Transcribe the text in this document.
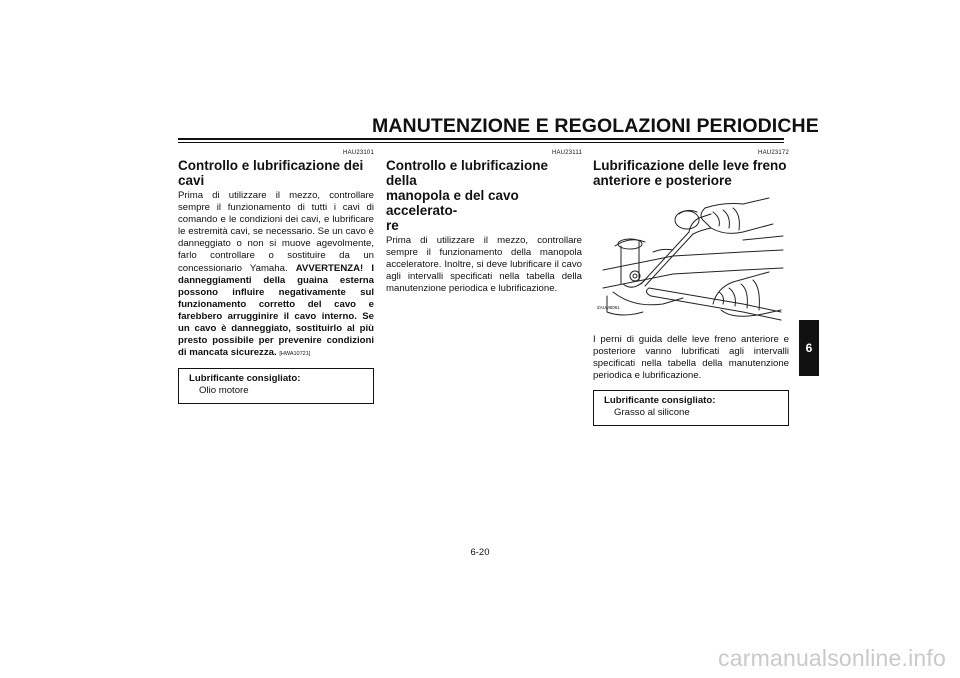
MANUTENZIONE E REGOLAZIONI PERIODICHE
HAU23101
Controllo e lubrificazione dei
cavi
Prima di utilizzare il mezzo, controllare sempre il funzionamento di tutti i cavi di comando e le condizioni dei cavi, e lubrificare le estremità cavi, se necessario. Se un cavo è danneggiato o non si muove agevolmente, farlo controllare o sostituire da un concessionario Yamaha. AVVERTENZA! I danneggiamenti della guaina esterna possono influire negativamente sul funzionamento corretto del cavo e farebbero arrugginire il cavo interno. Se un cavo è danneggiato, sostituirlo al più presto possibile per prevenire condizioni di mancata sicurezza. [HWA10721]
Lubrificante consigliato:
Olio motore
HAU23111
Controllo e lubrificazione della
manopola e del cavo accelerato-
re
Prima di utilizzare il mezzo, controllare sempre il funzionamento della manopola acceleratore. Inoltre, si deve lubrificare il cavo agli intervalli specificati nella tabella della manutenzione periodica e lubrificazione.
HAU23172
Lubrificazione delle leve freno
anteriore e posteriore
ZAUM0061
I perni di guida delle leve freno anteriore e posteriore vanno lubrificati agli intervalli specificati nella tabella della manutenzione periodica e lubrificazione.
Lubrificante consigliato:
Grasso al silicone
6
6-20
carmanualsonline.info
